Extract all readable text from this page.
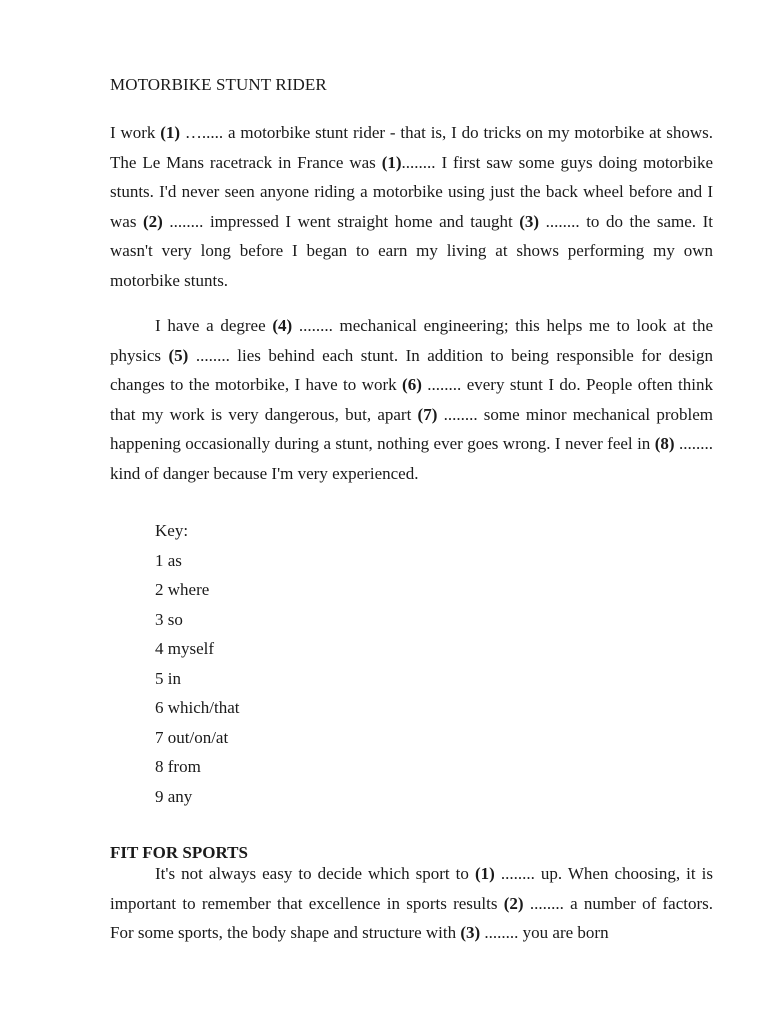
MOTORBIKE STUNT RIDER

I work (1) …..... a motorbike stunt rider - that is, I do tricks on my motorbike at shows. The Le Mans racetrack in France was (1)........ I first saw some guys doing motorbike stunts. I'd never seen anyone riding a motorbike using just the back wheel before and I was (2) ........ impressed I went straight home and taught (3) ........ to do the same. It wasn't very long before I began to earn my living at shows performing my own motorbike stunts.

I have a degree (4) ........ mechanical engineering; this helps me to look at the physics (5) ........ lies behind each stunt. In addition to being responsible for design changes to the motorbike, I have to work (6) ........ every stunt I do. People often think that my work is very dangerous, but, apart (7) ........ some minor mechanical problem happening occasionally during a stunt, nothing ever goes wrong. I never feel in (8) ........ kind of danger because I'm very experienced.

Key:
1 as
2 where
3 so
4 myself
5 in
6 which/that
7 out/on/at
8 from
9 any
FIT FOR SPORTS

It's not always easy to decide which sport to (1) ........ up. When choosing, it is important to remember that excellence in sports results (2) ........ a number of factors. For some sports, the body shape and structure with (3) ........ you are born
